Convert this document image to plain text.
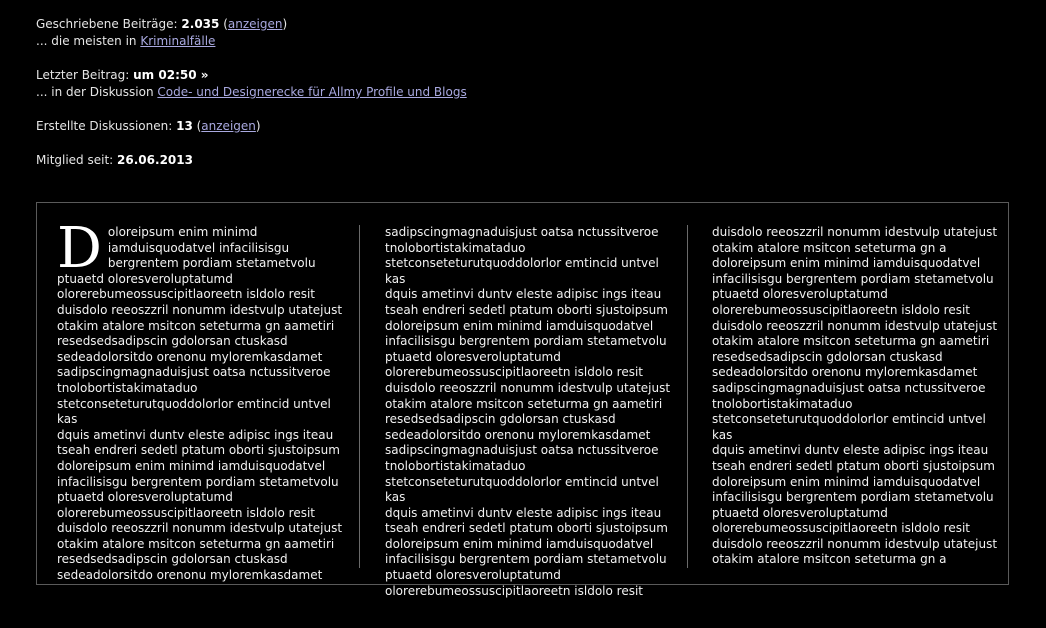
Geschriebene Beiträge: 2.035 (anzeigen)

... die meisten in Kriminalfälle

Letzter Beitrag: um 02:50 »

... in der Diskussion Code- und Designerecke für Allmy Profile und Blogs

Erstellte Diskussionen: 13 (anzeigen)

Mitglied seit: 26.06.2013

Doloreipsum enim minimd
iamduisquodatvel infacilisisgu
bergrentem pordiam stetametvolu
ptuaetd oloresveroluptatumd
olorerebumeossuscipitlaoreetn isldolo resit
duisdolo reeoszzril nonumm idestvulp utatejust
otakim atalore msitcon seteturma gn aametiri
resedsedsadipscin gdolorsan ctuskasd
sedeadolorsitdo orenonu myloremkasdamet
sadipscingmagnaduisjust oatsa nctussitveroe
tnolobortistakimataduo
stetconseteturutquoddolorlor emtincid untvel kas
dquis ametinvi duntv eleste adipisc ings iteau
tseah endreri sedetl ptatum oborti sjustoipsum
doloreipsum enim minimd iamduisquodatvel
infacilisisgu bergrentem pordiam stetametvolu
ptuaetd oloresveroluptatumd
olorerebumeossuscipitlaoreetn isldolo resit
duisdolo reeoszzril nonumm idestvulp utatejust
otakim atalore msitcon seteturma gn aametiri
resedsedsadipscin gdolorsan ctuskasd
sedeadolorsitdo orenonu myloremkasdamet
sadipscingmagnaduisjust oatsa nctussitveroe
tnolobortistakimataduo
stetconseteturutquoddolorlor emtincid untvel kas
dquis ametinvi duntv eleste adipisc ings iteau
tseah endreri sedetl ptatum oborti sjustoipsum
doloreipsum enim minimd iamduisquodatvel
infacilisisgu bergrentem pordiam stetametvolu
ptuaetd oloresveroluptatumd
olorerebumeossuscipitlaoreetn isldolo resit
duisdolo reeoszzril nonumm idestvulp utatejust
otakim atalore msitcon seteturma gn aametiri
resedsedsadipscin gdolorsan ctuskasd
sedeadolorsitdo orenonu myloremkasdamet
sadipscingmagnaduisjust oatsa nctussitveroe
tnolobortistakimataduo
stetconseteturutquoddolorlor emtincid untvel kas
dquis ametinvi duntv eleste adipisc ings iteau
tseah endreri sedetl ptatum oborti sjustoipsum
doloreipsum enim minimd iamduisquodatvel
infacilisisgu bergrentem pordiam stetametvolu
ptuaetd oloresveroluptatumd
olorerebumeossuscipitlaoreetn isldolo resit
duisdolo reeoszzril nonumm idestvulp utatejust
otakim atalore msitcon seteturma gn a
doloreipsum enim minimd iamduisquodatvel
infacilisisgu bergrentem pordiam stetametvolu
ptuaetd oloresveroluptatumd
olorerebumeossuscipitlaoreetn isldolo resit
duisdolo reeoszzril nonumm idestvulp utatejust
otakim atalore msitcon seteturma gn aametiri
resedsedsadipscin gdolorsan ctuskasd
sedeadolorsitdo orenonu myloremkasdamet
sadipscingmagnaduisjust oatsa nctussitveroe
tnolobortistakimataduo
stetconseteturutquoddolorlor emtincid untvel kas
dquis ametinvi duntv eleste adipisc ings iteau
tseah endreri sedetl ptatum oborti sjustoipsum
doloreipsum enim minimd iamduisquodatvel
infacilisisgu bergrentem pordiam stetametvolu
ptuaetd oloresveroluptatumd
olorerebumeossuscipitlaoreetn isldolo resit
duisdolo reeoszzril nonumm idestvulp utatejust
otakim atalore msitcon seteturma gn a
